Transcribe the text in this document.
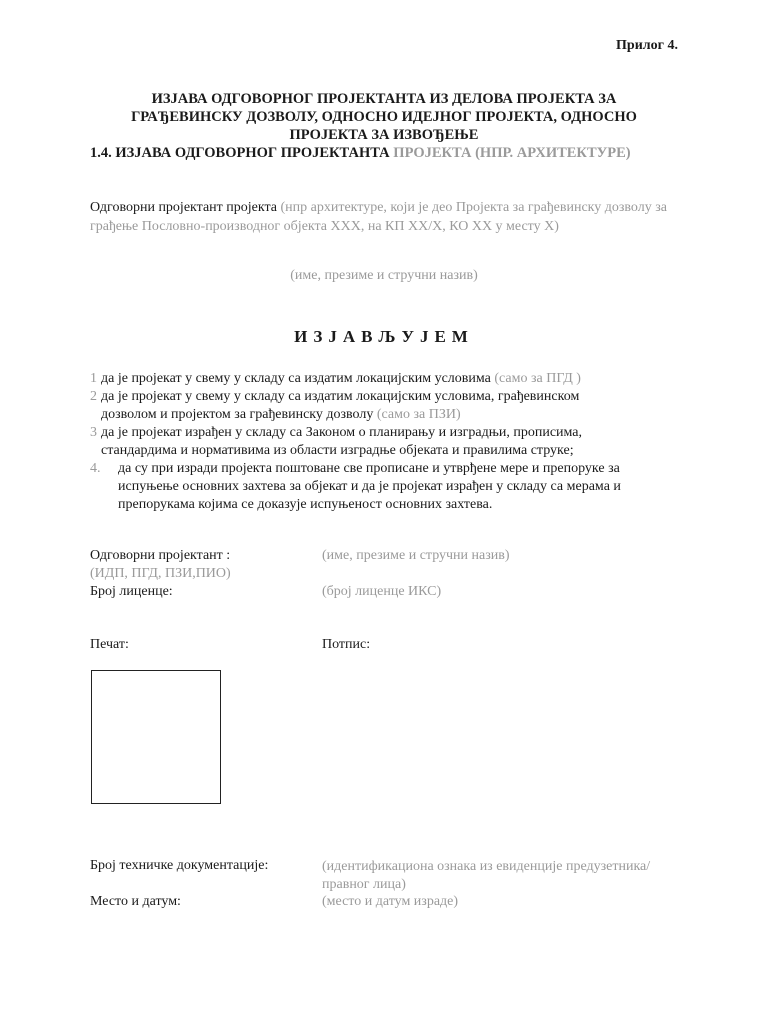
Прилог 4.
ИЗЈАВА ОДГОВОРНОГ ПРОЈЕКТАНТА ИЗ ДЕЛОВА ПРОЈЕКТА ЗА
ГРАЂЕВИНСКУ ДОЗВОЛУ, ОДНОСНО ИДЕЈНОГ ПРОЈЕКТА, ОДНОСНО
ПРОЈЕКТА ЗА ИЗВОЂЕЊЕ
1.4. ИЗЈАВА ОДГОВОРНОГ ПРОЈЕКТАНТА ПРОЈЕКТА (НПР. АРХИТЕКТУРЕ)
Одговорни пројектант пројекта (нпр архитектуре, који је део Пројекта за грађевинску дозволу за грађење Пословно-производног објекта XXX, на КП XX/X, КО XX у месту X)
(име, презиме и стручни назив)
ИЗЈАВЉУЈЕМ
1 да је пројекат у свему у складу са издатим локацијским условима (само за ПГД )
2 да је пројекат у свему у складу са издатим локацијским условима, грађевинском дозволом и пројектом за грађевинску дозволу (само за ПЗИ)
3 да је пројекат израђен у складу са Законом о планирању и изградњи, прописима, стандардима и нормативима из области изградње објеката и правилима струке;
4. да су при изради пројекта поштоване све прописане и утврђене мере и препоруке за испуњење основних захтева за објекат и да је пројекат израђен у складу са мерама и препорукама којима се доказује испуњеност основних захтева.
Одговорни пројектант :	(име, презиме и стручни назив)
(ИДП, ПГД, ПЗИ,ПИО)
Број лиценце:	(број лиценце ИКС)
Печат:	Потпис:
Број техничке документације:	(идентификациона ознака из евиденције предузетника/ правног лица)
Место и датум:	(место и датум израде)
